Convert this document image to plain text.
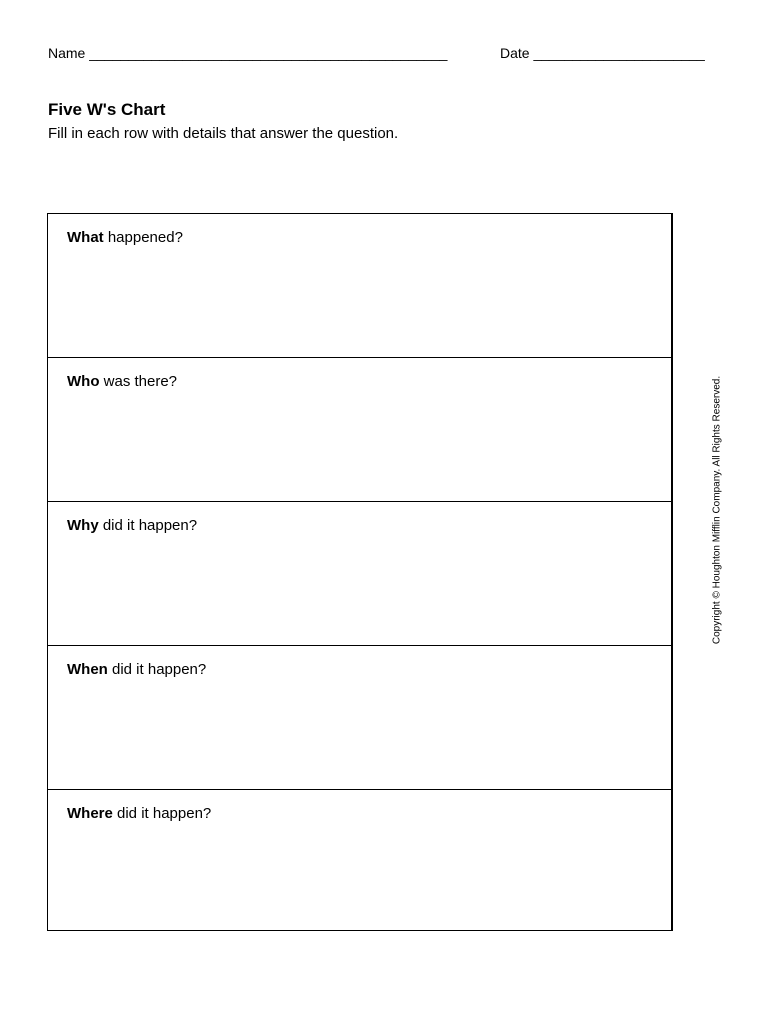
Name ______________________________________________	Date ______________________
Five W's Chart

Fill in each row with details that answer the question.

What happened?
Who was there?
Why did it happen?
When did it happen?
Where did it happen?
Copyright © Houghton Mifflin Company. All Rights Reserved.
